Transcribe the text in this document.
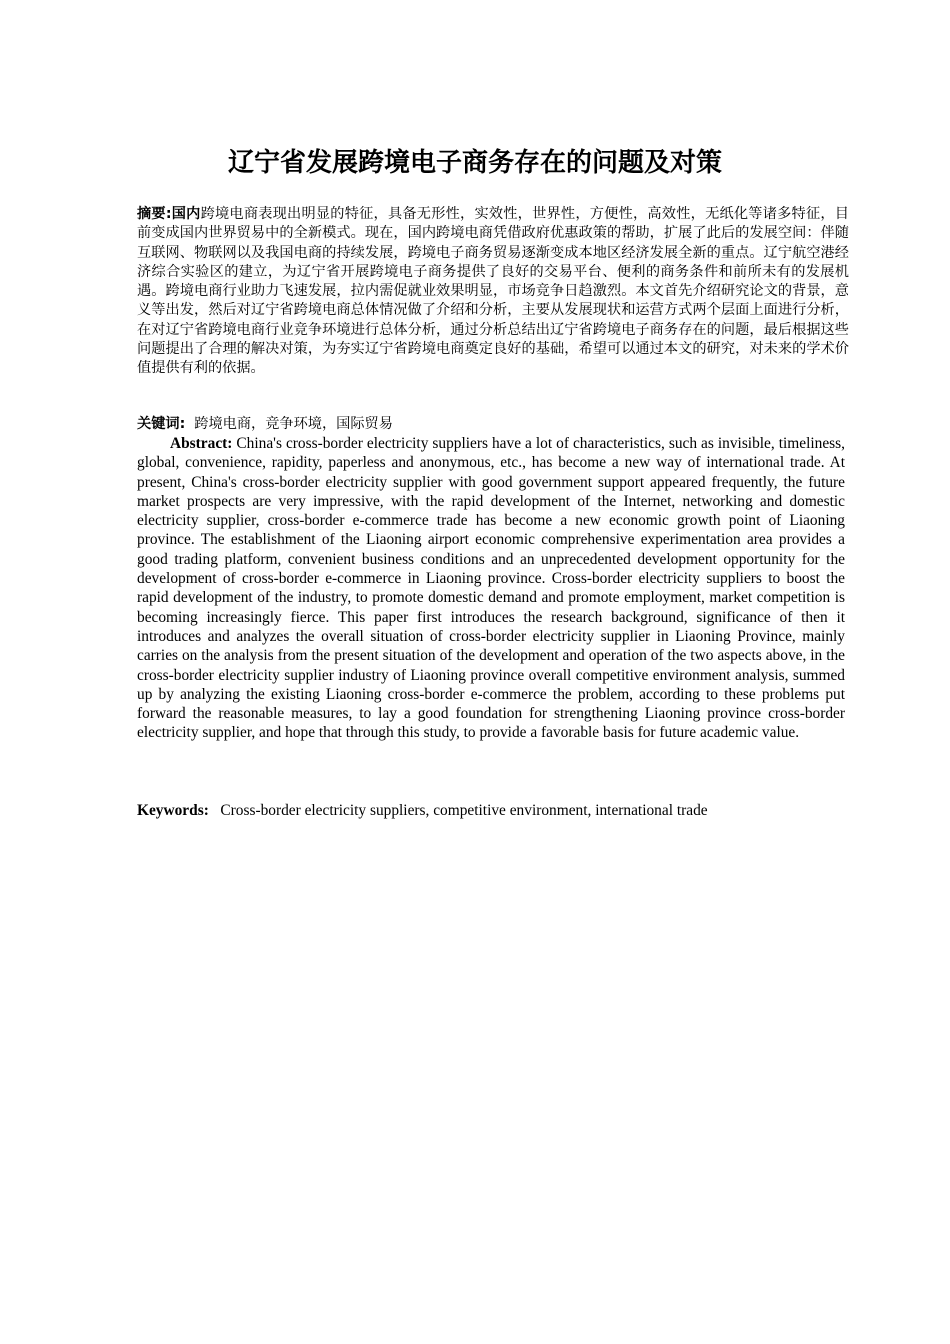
辽宁省发展跨境电子商务存在的问题及对策
摘要:国内跨境电商表现出明显的特征，具备无形性，实效性，世界性，方便性，高效性，无纸化等诸多特征，目前变成国内世界贸易中的全新模式。现在，国内跨境电商凭借政府优惠政策的帮助，扩展了此后的发展空间：伴随互联网、物联网以及我国电商的持续发展，跨境电子商务贸易逐渐变成本地区经济发展全新的重点。辽宁航空港经济综合实验区的建立，为辽宁省开展跨境电子商务提供了良好的交易平台、便利的商务条件和前所未有的发展机遇。跨境电商行业助力飞速发展，拉内需促就业效果明显，市场竞争日趋激烈。本文首先介绍研究论文的背景，意义等出发，然后对辽宁省跨境电商总体情况做了介绍和分析，主要从发展现状和运营方式两个层面上面进行分析，在对辽宁省跨境电商行业竞争环境进行总体分析，通过分析总结出辽宁省跨境电子商务存在的问题，最后根据这些问题提出了合理的解决对策，为夯实辽宁省跨境电商奠定良好的基础，希望可以通过本文的研究，对未来的学术价值提供有利的依据。
关键词: 跨境电商，竞争环境，国际贸易
Abstract: China's cross-border electricity suppliers have a lot of characteristics, such as invisible, timeliness, global, convenience, rapidity, paperless and anonymous, etc., has become a new way of international trade. At present, China's cross-border electricity supplier with good government support appeared frequently, the future market prospects are very impressive, with the rapid development of the Internet, networking and domestic electricity supplier, cross-border e-commerce trade has become a new economic growth point of Liaoning province. The establishment of the Liaoning airport economic comprehensive experimentation area provides a good trading platform, convenient business conditions and an unprecedented development opportunity for the development of cross-border e-commerce in Liaoning province. Cross-border electricity suppliers to boost the rapid development of the industry, to promote domestic demand and promote employment, market competition is becoming increasingly fierce. This paper first introduces the research background, significance of then it introduces and analyzes the overall situation of cross-border electricity supplier in Liaoning Province, mainly carries on the analysis from the present situation of the development and operation of the two aspects above, in the cross-border electricity supplier industry of Liaoning province overall competitive environment analysis, summed up by analyzing the existing Liaoning cross-border e-commerce the problem, according to these problems put forward the reasonable measures, to lay a good foundation for strengthening Liaoning province cross-border electricity supplier, and hope that through this study, to provide a favorable basis for future academic value.
Keywords: Cross-border electricity suppliers, competitive environment, international trade
